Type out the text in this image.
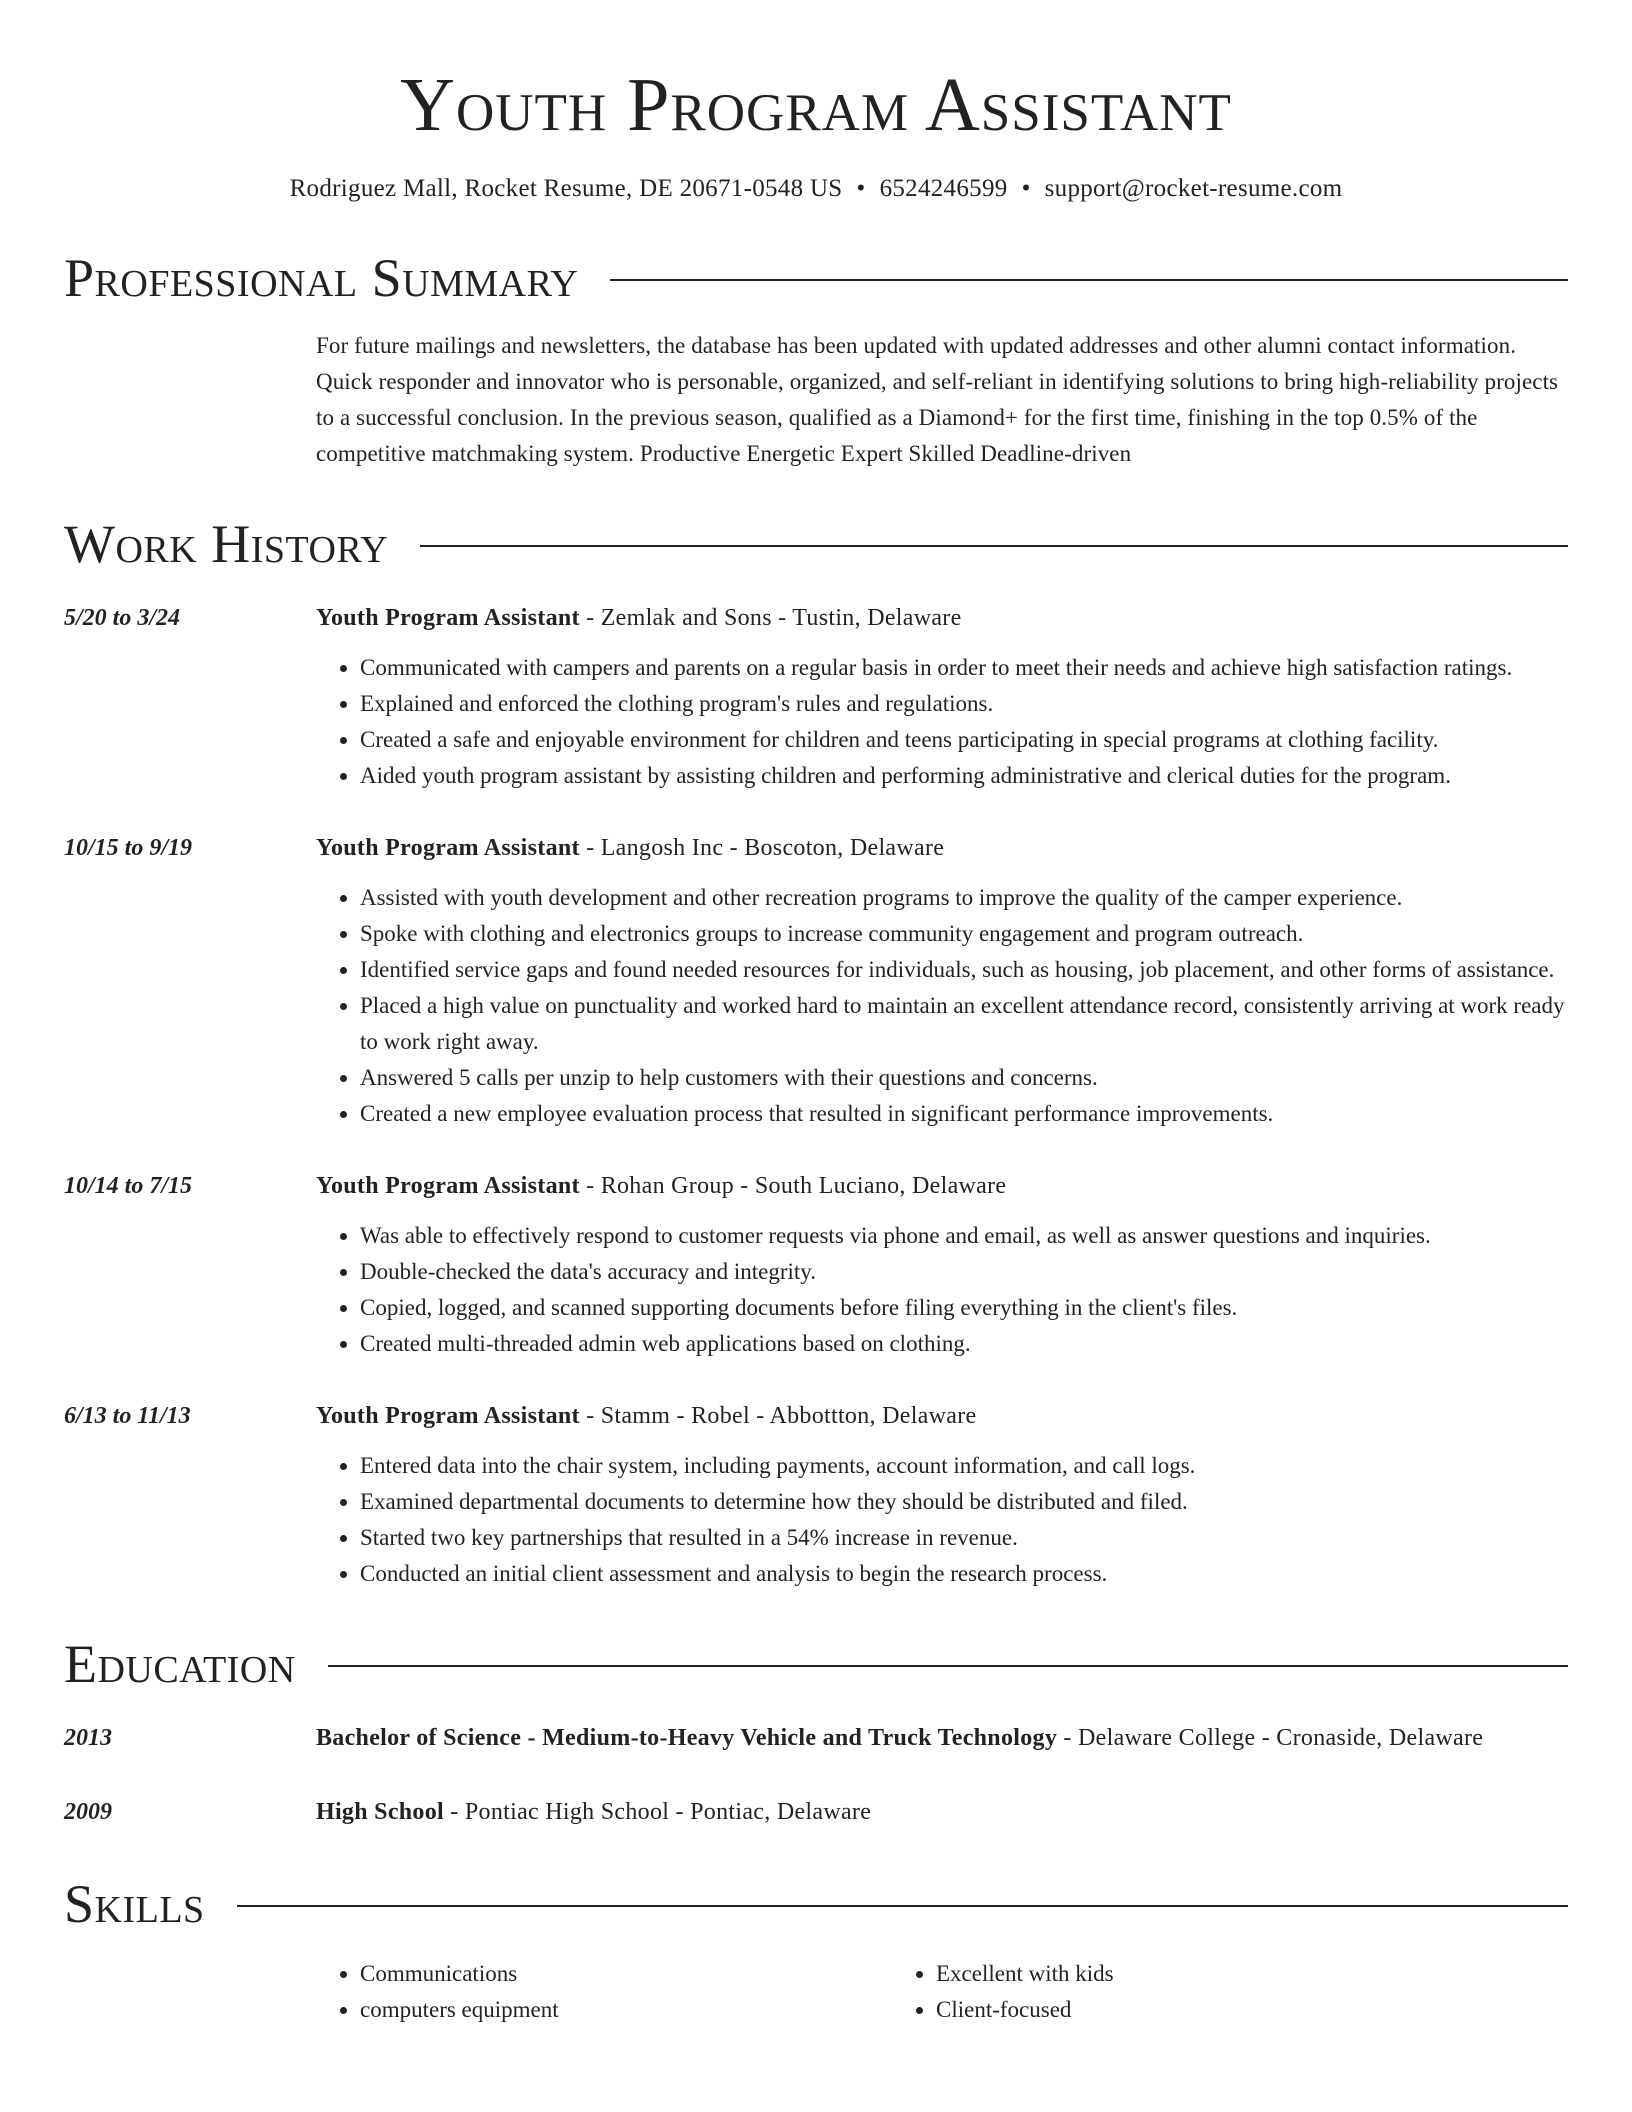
Youth Program Assistant
Rodriguez Mall, Rocket Resume, DE 20671-0548 US • 6524246599 • support@rocket-resume.com
Professional Summary
For future mailings and newsletters, the database has been updated with updated addresses and other alumni contact information. Quick responder and innovator who is personable, organized, and self-reliant in identifying solutions to bring high-reliability projects to a successful conclusion. In the previous season, qualified as a Diamond+ for the first time, finishing in the top 0.5% of the competitive matchmaking system. Productive Energetic Expert Skilled Deadline-driven
Work History
5/20 to 3/24	Youth Program Assistant - Zemlak and Sons - Tustin, Delaware
• Communicated with campers and parents on a regular basis in order to meet their needs and achieve high satisfaction ratings.
• Explained and enforced the clothing program's rules and regulations.
• Created a safe and enjoyable environment for children and teens participating in special programs at clothing facility.
• Aided youth program assistant by assisting children and performing administrative and clerical duties for the program.
10/15 to 9/19	Youth Program Assistant - Langosh Inc - Boscoton, Delaware
• Assisted with youth development and other recreation programs to improve the quality of the camper experience.
• Spoke with clothing and electronics groups to increase community engagement and program outreach.
• Identified service gaps and found needed resources for individuals, such as housing, job placement, and other forms of assistance.
• Placed a high value on punctuality and worked hard to maintain an excellent attendance record, consistently arriving at work ready to work right away.
• Answered 5 calls per unzip to help customers with their questions and concerns.
• Created a new employee evaluation process that resulted in significant performance improvements.
10/14 to 7/15	Youth Program Assistant - Rohan Group - South Luciano, Delaware
• Was able to effectively respond to customer requests via phone and email, as well as answer questions and inquiries.
• Double-checked the data's accuracy and integrity.
• Copied, logged, and scanned supporting documents before filing everything in the client's files.
• Created multi-threaded admin web applications based on clothing.
6/13 to 11/13	Youth Program Assistant - Stamm - Robel - Abbottton, Delaware
• Entered data into the chair system, including payments, account information, and call logs.
• Examined departmental documents to determine how they should be distributed and filed.
• Started two key partnerships that resulted in a 54% increase in revenue.
• Conducted an initial client assessment and analysis to begin the research process.
Education
2013	Bachelor of Science - Medium-to-Heavy Vehicle and Truck Technology - Delaware College - Cronaside, Delaware
2009	High School - Pontiac High School - Pontiac, Delaware
Skills
• Communications
• computers equipment
• Excellent with kids
• Client-focused
